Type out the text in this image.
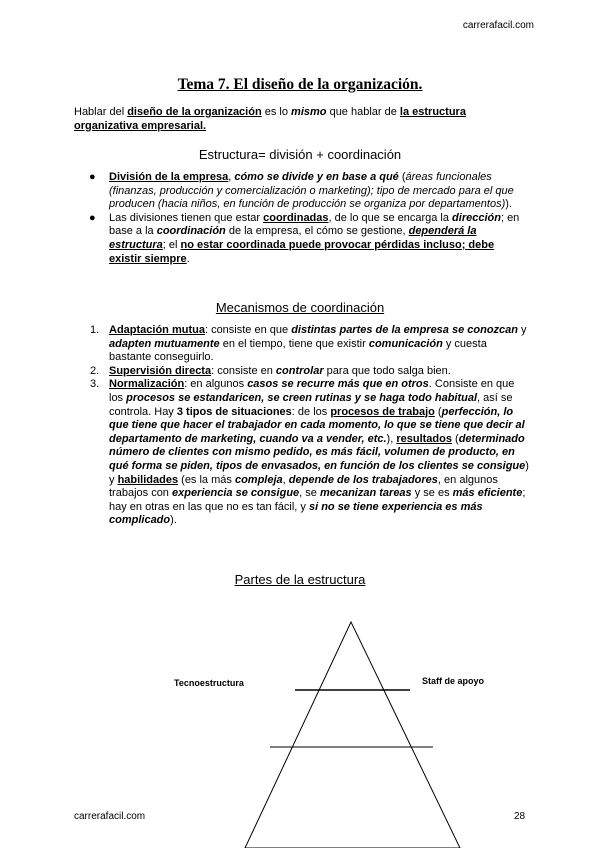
carrerafacil.com
Tema 7. El diseño de la organización.
Hablar del diseño de la organización es lo mismo que hablar de la estructura organizativa empresarial.
Estructura= división + coordinación
● División de la empresa, cómo se divide y en base a qué (áreas funcionales (finanzas, producción y comercialización o marketing); tipo de mercado para el que producen (hacia niños, en función de producción se organiza por departamentos)).
● Las divisiones tienen que estar coordinadas, de lo que se encarga la dirección; en base a la coordinación de la empresa, el cómo se gestione, dependerá la estructura; el no estar coordinada puede provocar pérdidas incluso; debe existir siempre.
Mecanismos de coordinación
1. Adaptación mutua: consiste en que distintas partes de la empresa se conozcan y adapten mutuamente en el tiempo, tiene que existir comunicación y cuesta bastante conseguirlo.
2. Supervisión directa: consiste en controlar para que todo salga bien.
3. Normalización: en algunos casos se recurre más que en otros. Consiste en que los procesos se estandaricen, se creen rutinas y se haga todo habitual, así se controla. Hay 3 tipos de situaciones: de los procesos de trabajo (perfección, lo que tiene que hacer el trabajador en cada momento, lo que se tiene que decir al departamento de marketing, cuando va a vender, etc.), resultados (determinado número de clientes con mismo pedido, es más fácil, volumen de producto, en qué forma se piden, tipos de envasados, en función de los clientes se consigue) y habilidades (es la más compleja, depende de los trabajadores, en algunos trabajos con experiencia se consigue, se mecanizan tareas y se es más eficiente; hay en otras en las que no es tan fácil, y si no se tiene experiencia es más complicado).
Partes de la estructura
Tecnoestructura	Staff de apoyo
carrerafacil.com	28
